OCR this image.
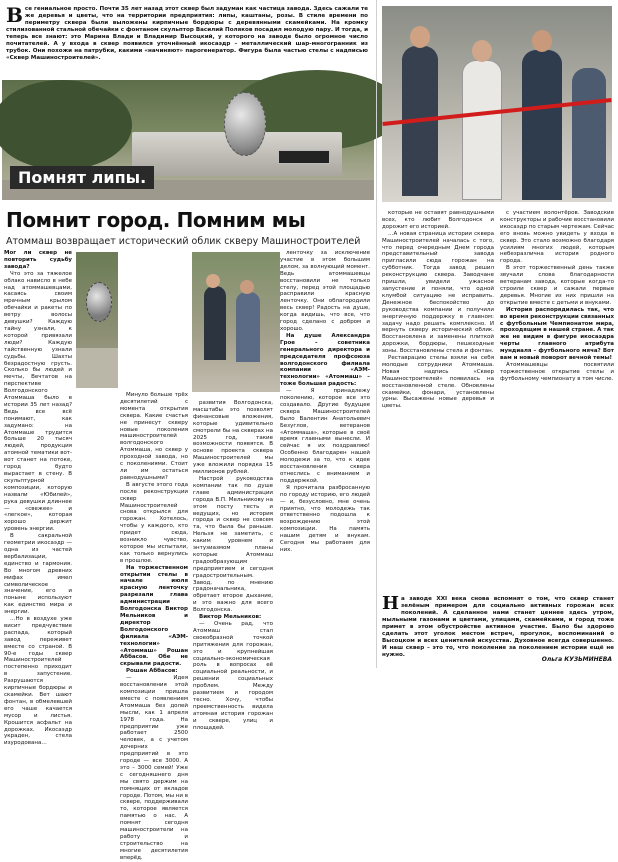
В се гениальное просто. Почти 35 лет назад этот сквер был задуман как частица завода. Здесь сажали те же деревья и цветы, что на территории предприятия: липы, каштаны, розы. В стиле времени по периметру сквера были выложены кирпичные бордюры с деревянными скамейками. На кромку стилизованной стальной обечайки с фонтаном скульптор Василий Поляков посадил молодую пару. И тогда, и теперь все знают: это Марина Влади и Владимир Высоцкий, у которого на заводе было огромное число почитателей. А у входа в сквер появился уточнённый икосаэдр – металлический шар-многогранник из трубок. Они похожи на патрубки, какими «начиняют» парогенератор. Фигура была частью стелы с надписью «Сквер Машиностроителей».
Помнят липы.
Помнит город. Помним мы
Атоммаш возвращает исторический облик скверу Машиностроителей

Мог ли сквер не повторить судьбу завода?

Что это за тяжелое облако нависло в небе над атоммашевцами, касаясь своим мрачным крылом обечайки и ракеты по ветру волосы девушки? Каждую тайну узнали, к которой привязали люди? Каждую тайственную узнали судьбы. Шахты безрадостную грусть. Сколько бы людей и мечты, Вечтатов на перспективе Волгодонского Атоммаша было в истории 35 лет назад? Ведь все всё понимают, как задумано: на Атоммаше трудится больше 20 тысяч людей, продукция атомной тематики вот-вот станет на потоке, город будто вырастает в стену. В скульптурной композиции, которую назвали «Юбилей», рука девушки длиннее — «свежее» и «легкое», которая хорошо держит уровень энергии.

В сакральной геометрии икосаэдр — одна из частей вербализации, единство и гармония. Во многом древних мифах имел символическое значение, его и поныне используют как единство мира и энергии.

…Но в воздухе уже висит предчувствие распада, который завод переживет вместе со страной. В 90-е годы сквер Машиностроителей постепенно приходит в запустение. Разрушаются кирпичные бордюры и скамейки. Вет шают фонтан, в обмелевшей его чаше качается мусор и листья. Крошится асфальт на дорожках. Икосаэдр украден, стела изуродована…

Минуло больше трёх десятилетий с момента открытия сквера. Какие счастья не принесут скверу новые поколения машиностроителей волгодонского Атоммаша, но сквер у проходной завода, но с поколениями. Стоит ли им остаться равнодушными?

В августе этого года после реконструкции сквер Машиностроителей снова открылся для горожан. Хотелось, чтобы у каждого, кто придет сюда, возникло чувство, которое мы испытали, как только вернулись в прошлое.

На торжественном открытии стелы в начале июля красную ленточку разрезали глава администрации Волгодонска Виктор Мельников и директор Волгодонского филиала «АЭМ-технологии» «Атоммаш» Рошан Аббасов. Обе не скрывали радости.

Рошан Аббасов:

— Идея восстановления этой композиции пришла вместе с появлением Атоммаша без долей мысли, как 1 апреля 1978 года. На предприятии уже работает 2500 человек, а с учетом дочерних предприятий в это городе — все 3000. А это – 3000 семей! Уже с сегодняшнего дня мы свято держим на помнящих от вкладов городе. Потом, мы ни в сквере, поддерживали то, которое является памятью о нас. А помнят сегодня машиностроители на работу и строительство на многие десятилетия вперёд.

развития Волгодонска, масштабы это позволят финансовые вложения, которые удивительно смотрели бы на скверах на 2025 год, такие возможности появятся. В основе проекта сквера Машиностроителей мы уже вложили порядка 15 миллионов рублей.

Настрой руководства компании так по душе главе администрации города В.П. Мельникову на этом посту тесть и ведущих, но история города и сквер не совсем та, что была бы раньше. Нельзя не заметить, с каким уровнем и энтузиазмом планы которые Атоммаш градообразующим предприятием и сегодня градостроительным. Завод, по мнению градоначальника, обретает второе дыхание, и это важно для всего Волгодонска.

Виктор Мельников:

— Очень рад, что Атоммаш стал своеобразной точкой притяжения для горожан, это и крупнейшая социально-экономическая роль в вопросах её социальной реальности, и решении социальных проблем. Между развитием и городом тесно. Хочу, чтобы преемственность видела атомная история горожан и сквере, улиц и площадей.

ленточку за исключение участие в этом большим делом, за волнующий момент. Ведь атоммашевцы восстановили не только стелу, перед этой площадью расправили красную ленточку. Они облагородили весь сквер! Радость на душе, когда видишь, что все, что город сделано с добром и хорошо.

На душе Александра Грое – советника генерального директора и председателя профсоюза волгодонского филиала компании «АЭМ-технологии» «Атоммаш» – тоже большая радость:

— Я принадлежу поколению, которое все это создавало. Другие будущее сквера Машиностроителей было Валентин Анатольевич Безуглов, ветеранов «Атоммаша», которые в своё время главными вынесли. И сейчас я их поздравляю! Особенно благодарен нашей молодежи за то, что к идее восстановления сквера отнеслись с вниманием и поддержкой.

Я прочитала разбросанную по городу историю, его людей — и, безусловно, мне очень приятно, что молодежь так ответственно подошла к возрождению этой композиции. На память нашим детям и внукам. Сегодня мы работаем для них.

которые не оставят равнодушными всех, кто любит Волгодонск и дорожит его историей.

…А новая страница истории сквера Машиностроителей началась с того, что перед очередным Днем города представительный завода пригласили сюда горожан на субботник. Тогда завод решил реконструкцию сквера. Заводчане пришли, увидели ужасное запустение и поняли, что одной клумбой ситуацию не исправить. Денежное беспокойство до руководства компании и получили энергичную поддержку в главном: задачу надо решать комплексно. И вернуть скверу исторический облик. Восстановлена и заменены плиткой дорожки, бордюры, пешеходные зоны. Восстановлены стела и фонтан.

Реставрацию стелы взяли на себя молодые сотрудники Атоммаша. Новая надпись «Сквер Машиностроителей» появилась на восстановленной стеле. Обновлены скамейки, фонари, установлены урны. Высажены новые деревья и цветы.

с участием волонтёров. Заводские конструкторы и рабочие восстановили икосаэдр по старым чертежам. Сейчас его вновь можно увидеть у входа в сквер. Это стало возможно благодаря усилиям многих людей, которым небезразлична история родного города.

В этот торжественный день также звучали слова благодарности ветеранам завода, которые когда-то строили сквер и сажали первые деревья. Многие из них пришли на открытие вместе с детьми и внуками.

История распорядилась так, что во время реконструкции связанных с футбольным Чемпионатом мира, проходящим в нашей стране. А так же не видим в фигуре икосаэдра черты главного атрибута мундиаля – футбольного мяча? Вот вам и новый поворот вечной темы!

Атоммашевцы посвятили торжественное открытие стелы и футбольному чемпионату в том числе.

Н а заводе XXI века снова вспомнят о том, что сквер станет зелёным примером для социально активных горожан всех поколений. А сделанное нами станет ценнее здесь утром, мыльными газонами и цветами, улицами, скамейками, и город тоже примет в этом обустройстве активное участие. Было бы здорово сделать этот уголок местом встреч, прогулок, воспоминаний о Высоцком и всех ценителей искусства. Духовное всегда совершенно. И наш сквер – это то, что поколение за поколением истории ещё не нужно.
Ольга КУЗЬМИНЕВА
